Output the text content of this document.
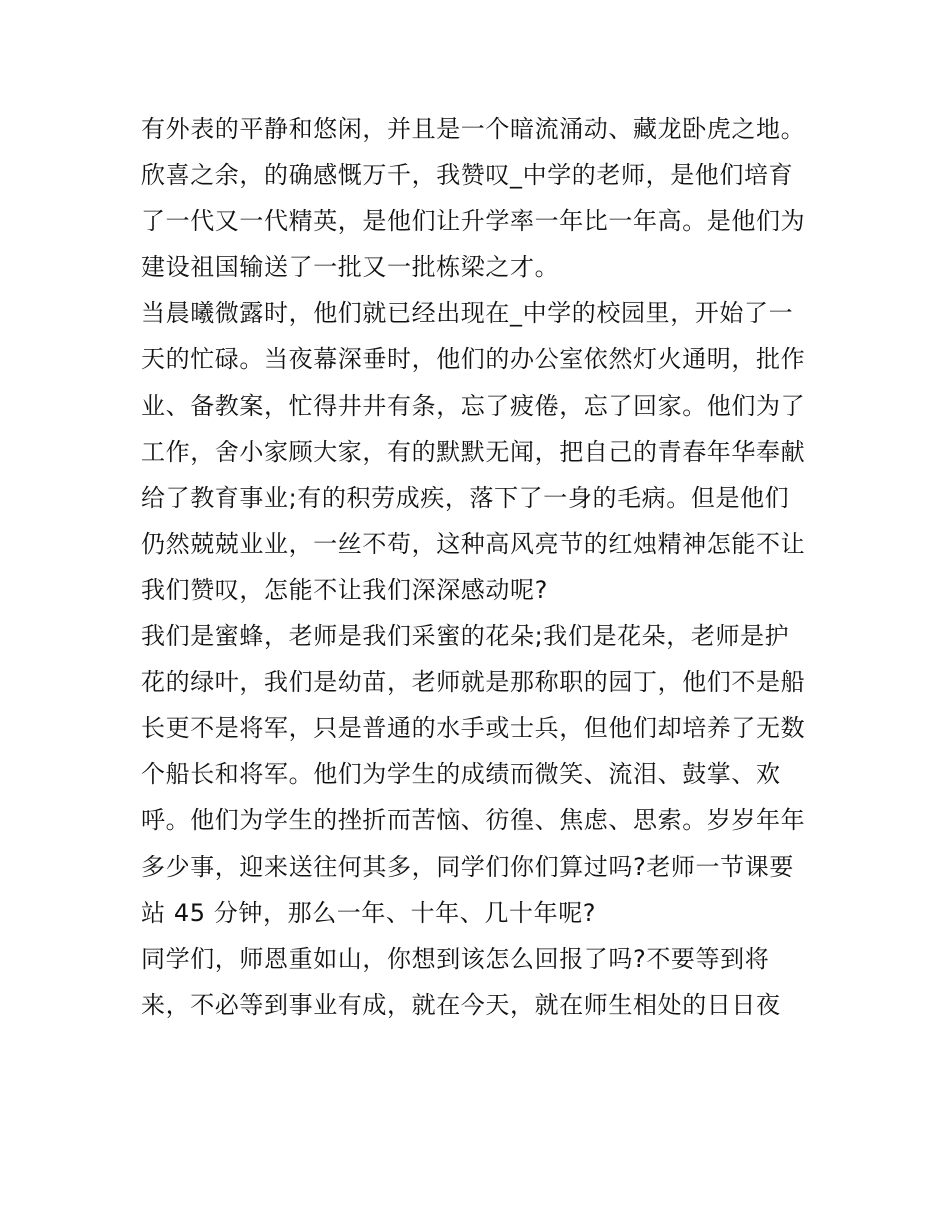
有外表的平静和悠闲，并且是一个暗流涌动、藏龙卧虎之地。
欣喜之余，的确感慨万千，我赞叹_中学的老师，是他们培育
了一代又一代精英，是他们让升学率一年比一年高。是他们为
建设祖国输送了一批又一批栋梁之才。
当晨曦微露时，他们就已经出现在_中学的校园里，开始了一
天的忙碌。当夜幕深垂时，他们的办公室依然灯火通明，批作
业、备教案，忙得井井有条，忘了疲倦，忘了回家。他们为了
工作，舍小家顾大家，有的默默无闻，把自己的青春年华奉献
给了教育事业;有的积劳成疾，落下了一身的毛病。但是他们
仍然兢兢业业，一丝不苟，这种高风亮节的红烛精神怎能不让
我们赞叹，怎能不让我们深深感动呢?
我们是蜜蜂，老师是我们采蜜的花朵;我们是花朵，老师是护
花的绿叶，我们是幼苗，老师就是那称职的园丁，他们不是船
长更不是将军，只是普通的水手或士兵，但他们却培养了无数
个船长和将军。他们为学生的成绩而微笑、流泪、鼓掌、欢
呼。他们为学生的挫折而苦恼、彷徨、焦虑、思索。岁岁年年
多少事，迎来送往何其多，同学们你们算过吗?老师一节课要
站 45 分钟，那么一年、十年、几十年呢?
同学们，师恩重如山，你想到该怎么回报了吗?不要等到将
来，不必等到事业有成，就在今天，就在师生相处的日日夜
